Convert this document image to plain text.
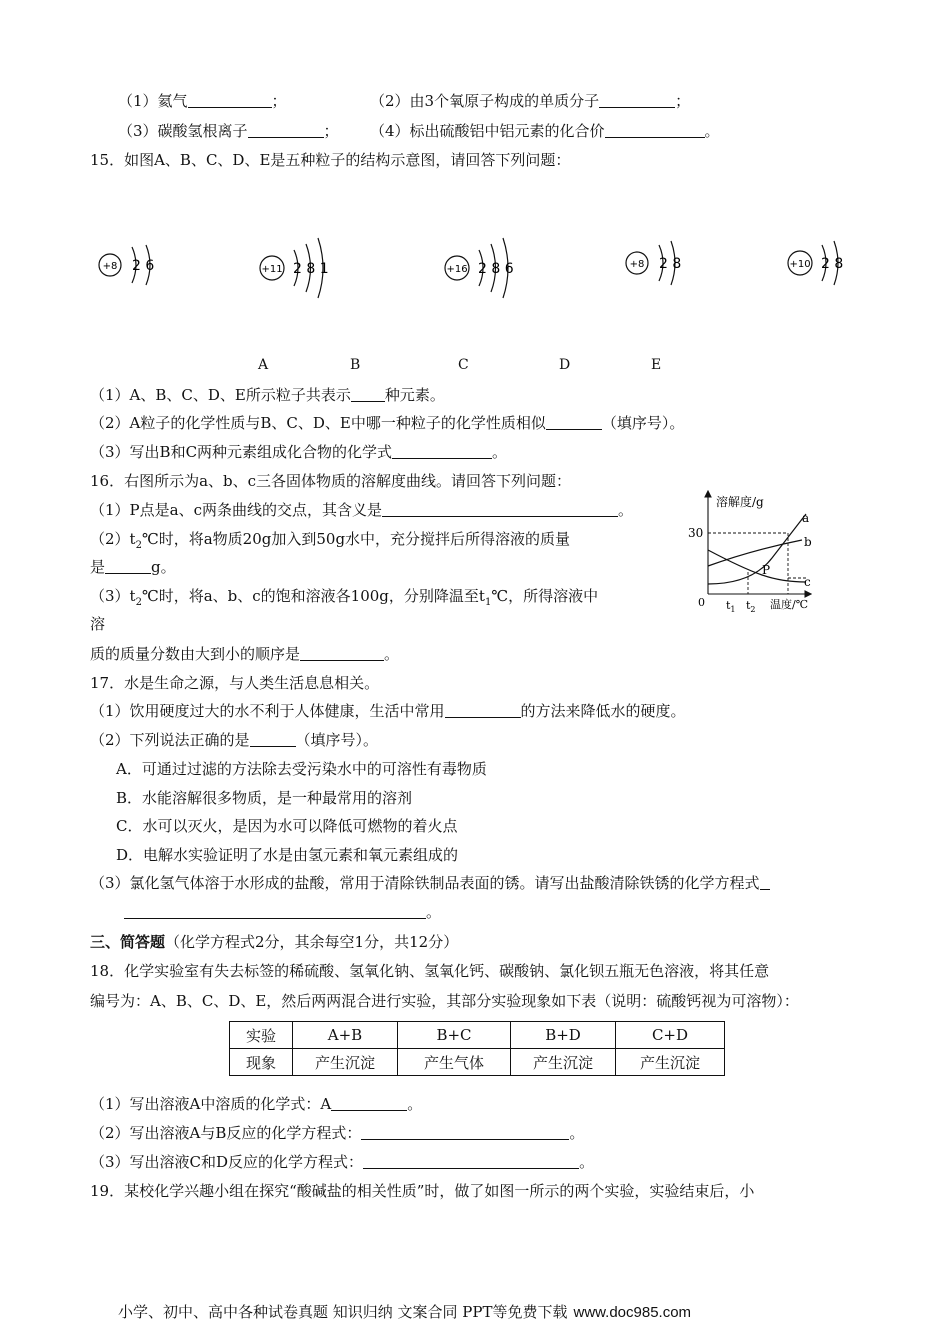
（1）氦气	；	（2）由3个氧原子构成的单质分子	；
（3）碳酸氢根离子	； （4）标出硫酸铝中铝元素的化合价	。
15．如图A、B、C、D、E是五种粒子的结构示意图，请回答下列问题：
+8 2 6	+11 2 8 1	+16 2 8 6	+8 2 8	+10 2 8
A	B	C	D	E
（1）A、B、C、D、E所示粒子共表示 种元素。
（2）A粒子的化学性质与B、C、D、E中哪一种粒子的化学性质相似	（填序号）。
（3）写出B和C两种元素组成化合物的化学式	。
16．右图所示为a、b、c三各固体物质的溶解度曲线。请回答下列问题：
（1）P点是a、c两条曲线的交点，其含义是	。
$(2)t_2℃$时，将a物质20g加入到50g水中，充分搅拌后所得溶液的质量
是	g。
$(3)t_2℃$时，将a、b、c的饱和溶液各100g，分别降温至$t_1℃$，所得溶液中
溶
质的质量分数由大到小的顺序是	。
溶解度/g
温度/℃
0
30
a
b
c
P
$t_1$ $t_2$
17．水是生命之源，与人类生活息息相关。
（1）饮用硬度过大的水不利于人体健康，生活中常用	的方法来降低水的硬度。
（2）下列说法正确的是	（填序号）。
A．可通过过滤的方法除去受污染水中的可溶性有毒物质
B．水能溶解很多物质，是一种最常用的溶剂
C．水可以灭火，是因为水可以降低可燃物的着火点
D．电解水实验证明了水是由氢元素和氧元素组成的
（3）氯化氢气体溶于水形成的盐酸，常用于清除铁制品表面的锈。请写出盐酸清除铁锈的化学方程式
。
三、简答题（化学方程式2分，其余每空1分，共12分）
18．化学实验室有失去标签的稀硫酸、氢氧化钠、氢氧化钙、碳酸钠、氯化钡五瓶无色溶液，将其任意
编号为：A、B、C、D、E，然后两两混合进行实验，其部分实验现象如下表（说明：硫酸钙视为可溶物）：
实验	A+B	B+C	B+D	C+D
现象	产生沉淀	产生气体	产生沉淀	产生沉淀
（1）写出溶液A中溶质的化学式：A	。
（2）写出溶液A与B反应的化学方程式：	。
（3）写出溶液C和D反应的化学方程式：	。
19．某校化学兴趣小组在探究“酸碱盐的相关性质”时，做了如图一所示的两个实验，实验结束后，小
小学、初中、高中各种试卷真题 知识归纳 文案合同 PPT等免费下载 www.doc985.com
